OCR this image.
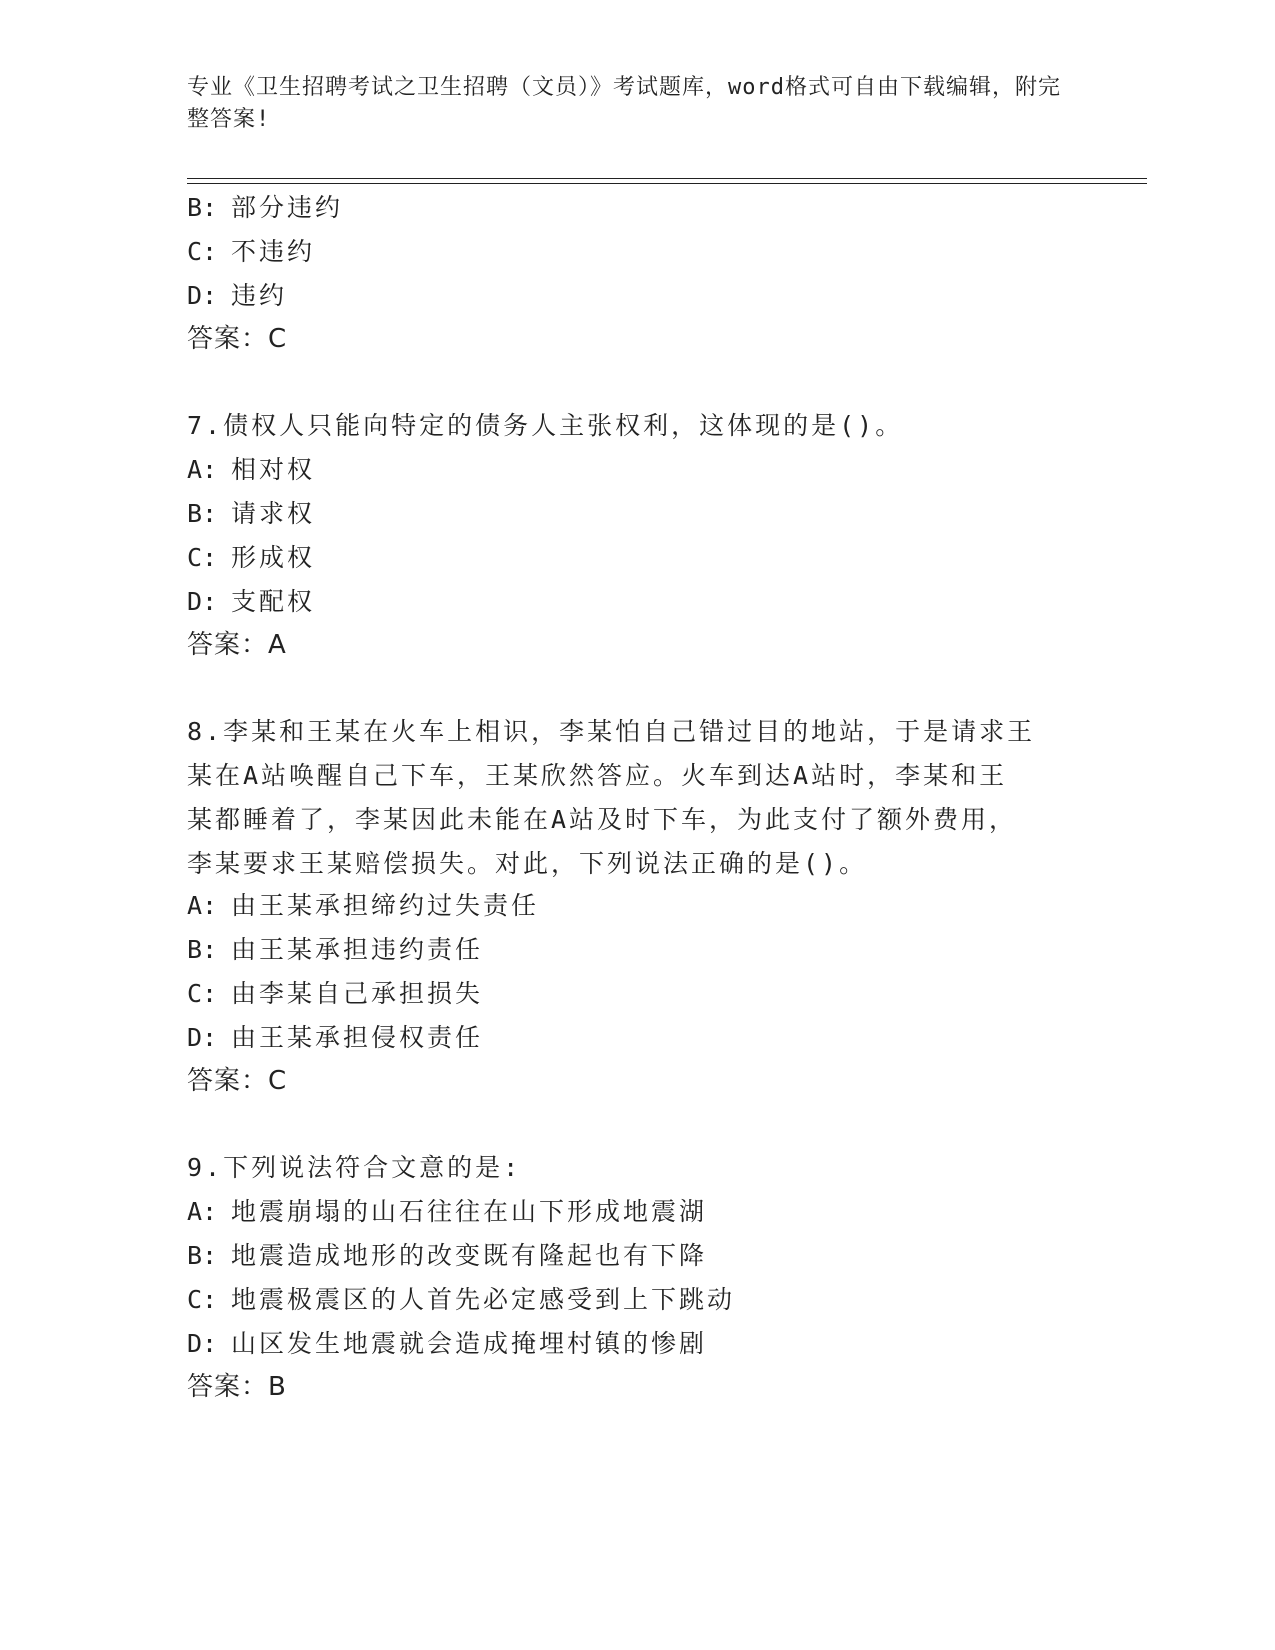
专业《卫生招聘考试之卫生招聘（文员）》考试题库，word格式可自由下载编辑，附完整答案!
B: 部分违约
C: 不违约
D: 违约
答案：C
7.债权人只能向特定的债务人主张权利，这体现的是()。
A: 相对权
B: 请求权
C: 形成权
D: 支配权
答案：A
8.李某和王某在火车上相识，李某怕自己错过目的地站，于是请求王
某在A站唤醒自己下车，王某欣然答应。火车到达A站时，李某和王
某都睡着了，李某因此未能在A站及时下车，为此支付了额外费用，
李某要求王某赔偿损失。对此，下列说法正确的是()。
A: 由王某承担缔约过失责任
B: 由王某承担违约责任
C: 由李某自己承担损失
D: 由王某承担侵权责任
答案：C
9.下列说法符合文意的是:
A: 地震崩塌的山石往往在山下形成地震湖
B: 地震造成地形的改变既有隆起也有下降
C: 地震极震区的人首先必定感受到上下跳动
D: 山区发生地震就会造成掩埋村镇的惨剧
答案：B
